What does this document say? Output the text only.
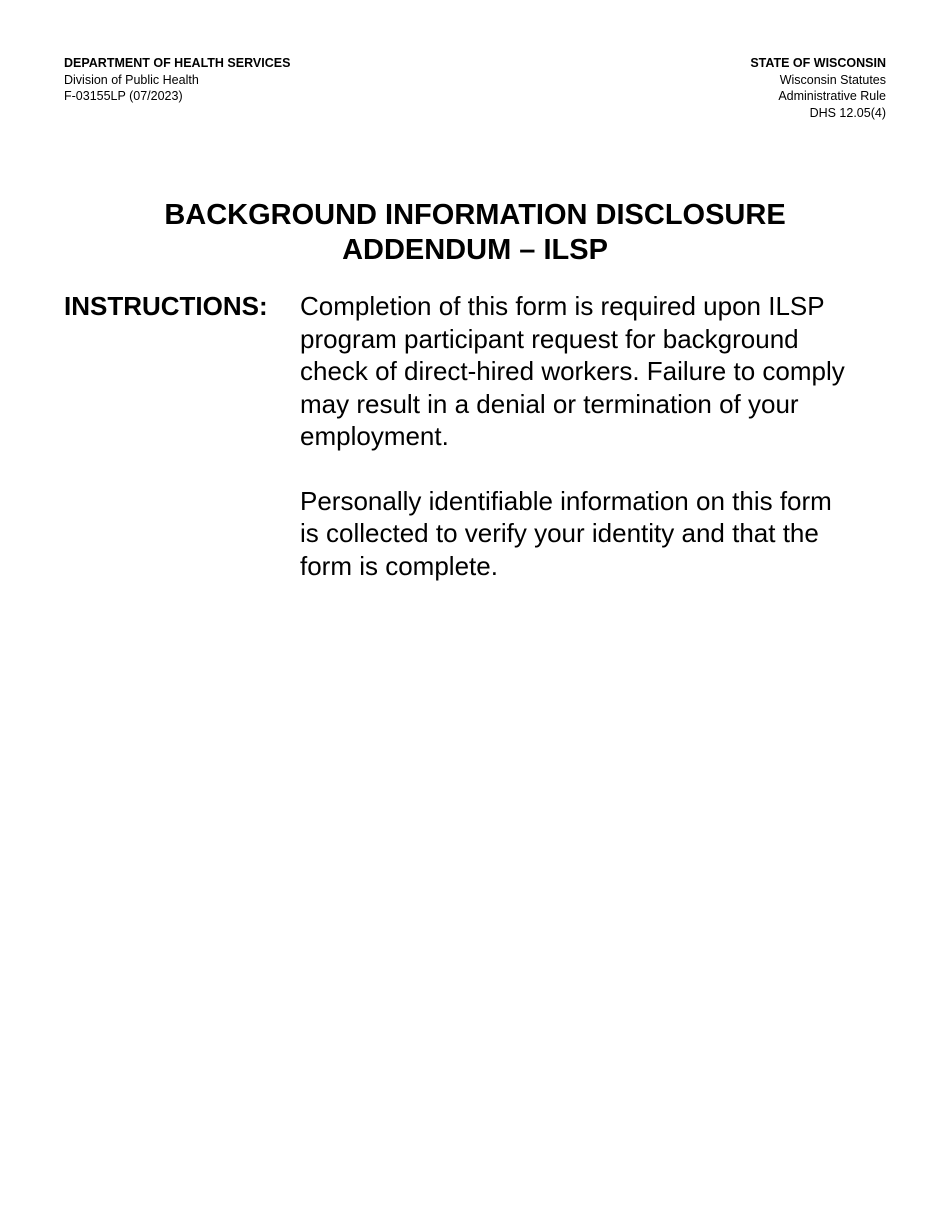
DEPARTMENT OF HEALTH SERVICES
Division of Public Health
F-03155LP (07/2023)
STATE OF WISCONSIN
Wisconsin Statutes
Administrative Rule
DHS 12.05(4)
BACKGROUND INFORMATION DISCLOSURE
ADDENDUM – ILSP
INSTRUCTIONS: Completion of this form is required upon ILSP
program participant request for background
check of direct-hired workers. Failure to comply
may result in a denial or termination of your
employment.

Personally identifiable information on this form
is collected to verify your identity and that the
form is complete.
